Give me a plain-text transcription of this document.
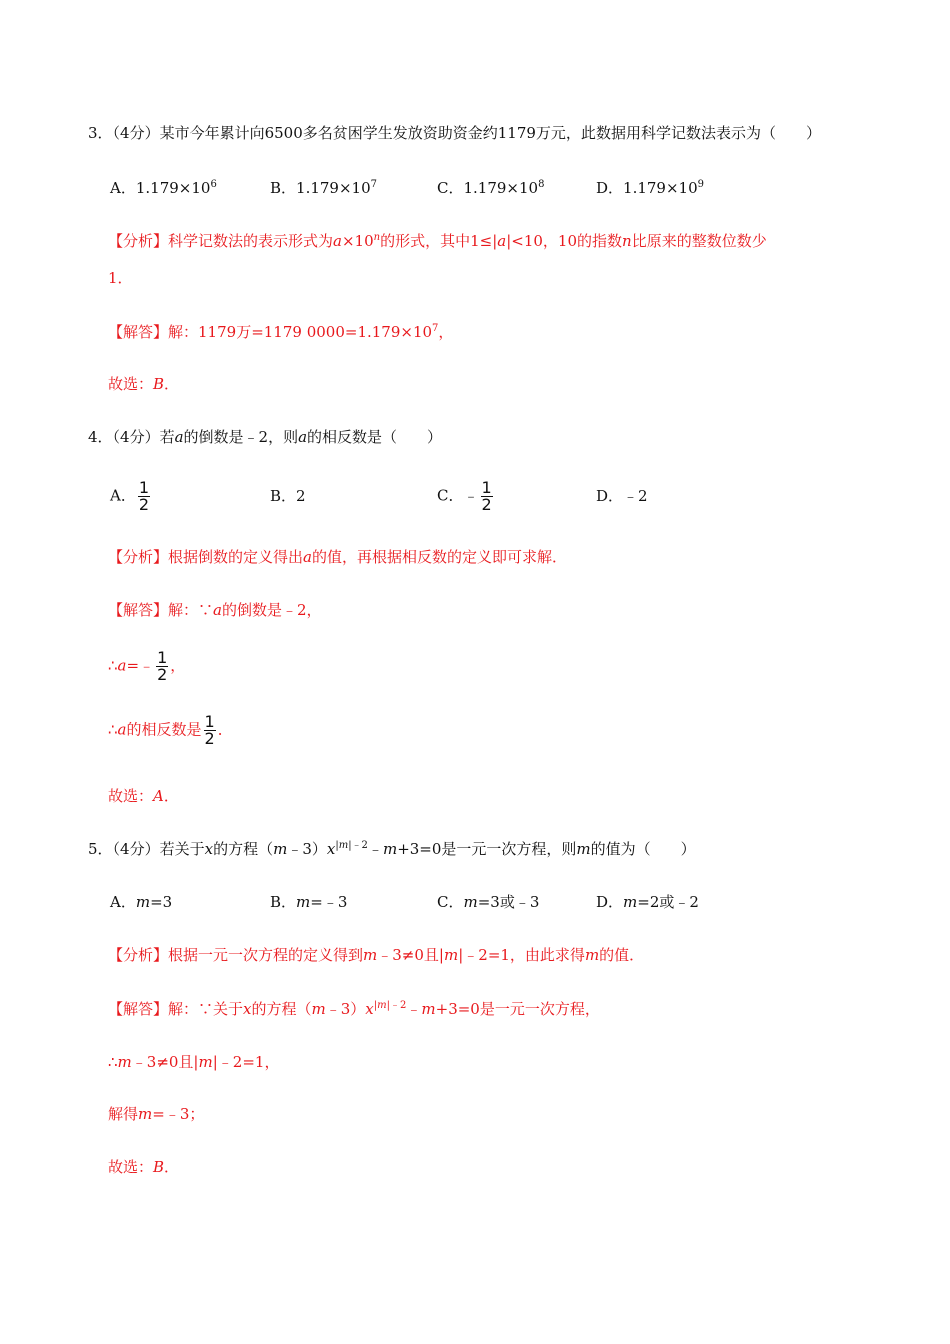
3．（4分）某市今年累计向6500多名贫困学生发放资助资金约1179万元，此数据用科学记数法表示为（　　）
A．$1.179\times 10^6$	B．$1.179\times 10^7$	C．$1.179\times 10^8$	D．$1.179\times 10^9$
【分析】科学记数法的表示形式为$a\times 10^n$的形式，其中1≤|a|<10，10的指数n比原来的整数位数少
1．
【解答】解：1179万=1179 $0000=1.179\times 10^7$，
故选：B．
4．（4分）若a的倒数是﹣2，则a的相反数是（　　）
A． $\frac{1}{2}$	B．2	C．﹣ $\frac{1}{2}$	D．﹣2
【分析】根据倒数的定义得出a的值，再根据相反数的定义即可求解．
【解答】解：∵a的倒数是﹣2，
∴a=﹣ $\frac{1}{2}$ ，
∴a的相反数是 $\frac{1}{2}$ ．
故选：A．
5．（4分）若关于x的方程$(m﹣3)x^{|m|﹣2}﹣m+3=0$是一元一次方程，则m的值为（　　）
A．m=3	B．m=﹣3	C．m=3或﹣3	D．m=2或﹣2
【分析】根据一元一次方程的定义得到m﹣3≠0且|m|﹣2=1，由此求得m的值．
【解答】解：∵关于x的方程$(m﹣3)x^{|m|﹣2}﹣m+3=0$是一元一次方程，
∴m﹣3≠0且|m|﹣2=1，
解得m=﹣3；
故选：B．
